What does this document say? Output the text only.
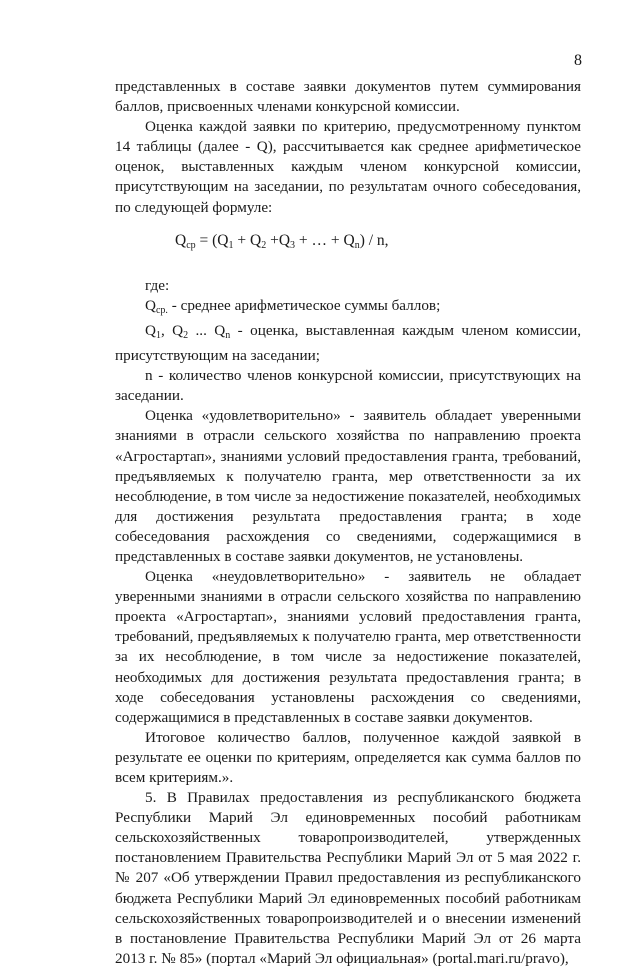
8

представленных в составе заявки документов путем суммирования баллов, присвоенных членами конкурсной комиссии.

Оценка каждой заявки по критерию, предусмотренному пунктом 14 таблицы (далее - Q), рассчитывается как среднее арифметическое оценок, выставленных каждым членом конкурсной комиссии, присутствующим на заседании, по результатам очного собеседования, по следующей формуле:

$Q_{ср} = (Q_1 + Q_2 +Q_3$ + … + $Q_n$) / n,

где:

$Q_{ср.}$ - среднее арифметическое суммы баллов;

$Q_1$, $Q_2$ ... $Q_n$ - оценка, выставленная каждым членом комиссии, присутствующим на заседании;

n - количество членов конкурсной комиссии, присутствующих на заседании.

Оценка «удовлетворительно» - заявитель обладает уверенными знаниями в отрасли сельского хозяйства по направлению проекта «Агростартап», знаниями условий предоставления гранта, требований, предъявляемых к получателю гранта, мер ответственности за их несоблюдение, в том числе за недостижение показателей, необходимых для достижения результата предоставления гранта; в ходе собеседования расхождения со сведениями, содержащимися в представленных в составе заявки документов, не установлены.

Оценка «неудовлетворительно» - заявитель не обладает уверенными знаниями в отрасли сельского хозяйства по направлению проекта «Агростартап», знаниями условий предоставления гранта, требований, предъявляемых к получателю гранта, мер ответственности за их несоблюдение, в том числе за недостижение показателей, необходимых для достижения результата предоставления гранта; в ходе собеседования установлены расхождения со сведениями, содержащимися в представленных в составе заявки документов.

Итоговое количество баллов, полученное каждой заявкой в результате ее оценки по критериям, определяется как сумма баллов по всем критериям.».

5. В Правилах предоставления из республиканского бюджета Республики Марий Эл единовременных пособий работникам сельскохозяйственных товаропроизводителей, утвержденных постановлением Правительства Республики Марий Эл от 5 мая 2022 г. № 207 «Об утверждении Правил предоставления из республиканского бюджета Республики Марий Эл единовременных пособий работникам сельскохозяйственных товаропроизводителей и о внесении изменений в постановление Правительства Республики Марий Эл от 26 марта 2013 г. № 85» (портал «Марий Эл официальная» (portal.mari.ru/pravo),
